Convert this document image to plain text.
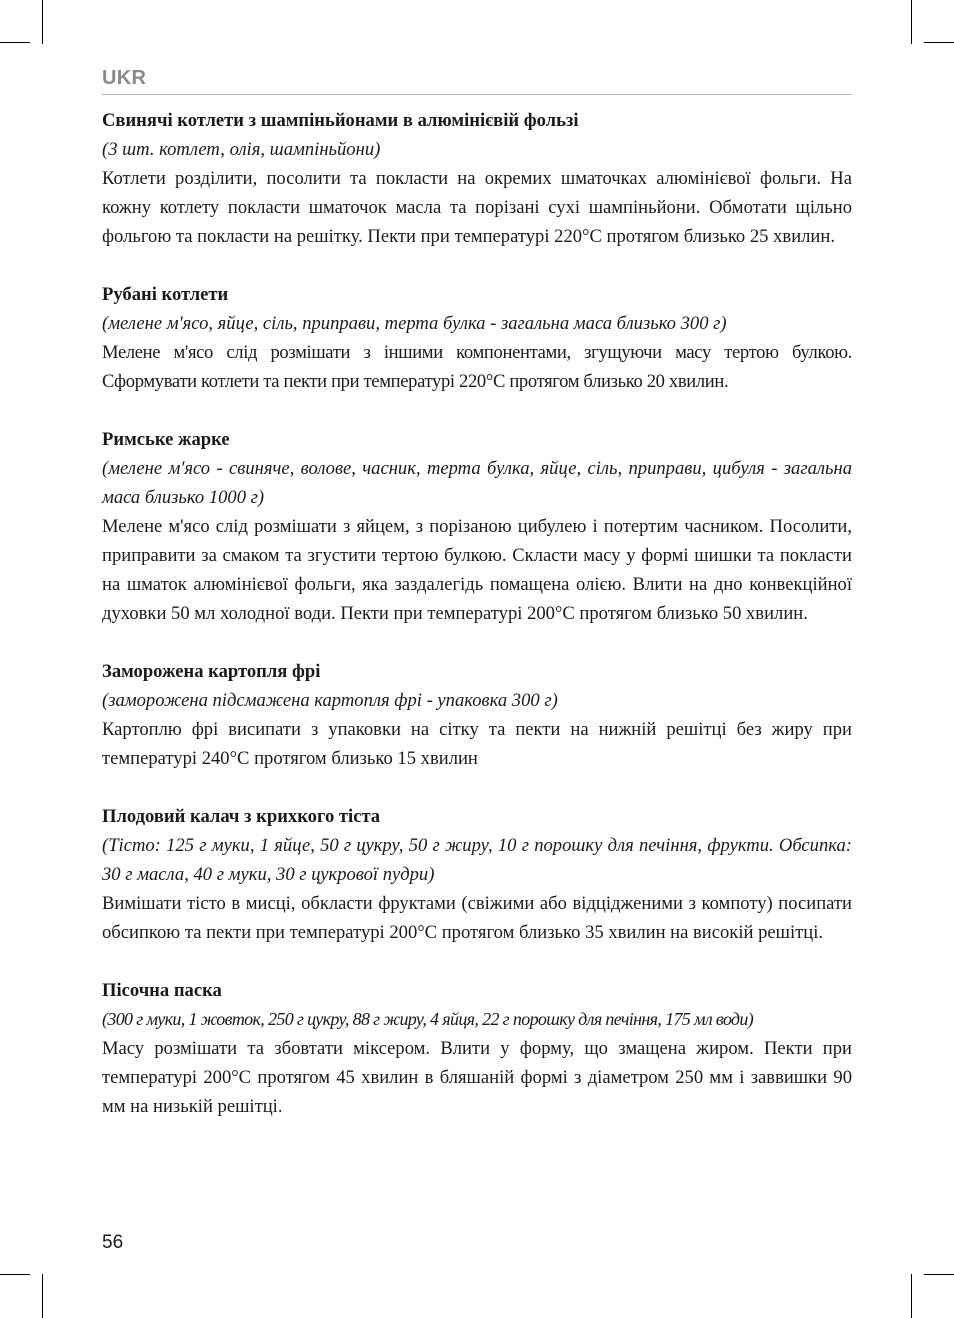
UKR
Свинячі котлети з шампіньйонами в алюмінієвій фользі
(3 шт. котлет, олія, шампіньйони)
Котлети розділити, посолити та покласти на окремих шматочках алюмінієвої фольги. На кожну котлету покласти шматочок масла та порізані сухі шампіньйони. Обмотати щільно фольгою та покласти на решітку. Пекти при температурі 220°C протягом близько 25 хвилин.
Рубані котлети
(мелене м'ясо, яйце, сіль, приправи, терта булка - загальна маса близько 300 г)
Мелене м'ясо слід розмішати з іншими компонентами, згущуючи масу тертою булкою. Сформувати котлети та пекти при температурі 220°C протягом близько 20 хвилин.
Римське жарке
(мелене м'ясо - свиняче, волове, часник, терта булка, яйце, сіль, приправи, цибуля - загальна маса близько 1000 г)
Мелене м'ясо слід розмішати з яйцем, з порізаною цибулею і потертим часником. Посолити, приправити за смаком та згустити тертою булкою. Скласти масу у формі шишки та покласти на шматок алюмінієвої фольги, яка заздалегідь помащена олією. Влити на дно конвекційної духовки 50 мл холодної води. Пекти при температурі 200°C протягом близько 50 хвилин.
Заморожена картопля фрі
(заморожена підсмажена картопля фрі - упаковка 300 г)
Картоплю фрі висипати з упаковки на сітку та пекти на нижній решітці без жиру при температурі 240°C протягом близько 15 хвилин
Плодовий калач з крихкого тіста
(Тісто: 125 г муки, 1 яйце, 50 г цукру, 50 г жиру, 10 г порошку для печіння, фрукти. Обсипка: 30 г масла, 40 г муки, 30 г цукрової пудри)
Вимішати тісто в мисці, обкласти фруктами (свіжими або відцідженими з компоту) посипати обсипкою та пекти при температурі 200°C протягом близько 35 хвилин на високій решітці.
Пісочна паска
(300 г муки, 1 жовток, 250 г цукру, 88 г жиру, 4 яйця, 22 г порошку для печіння, 175 мл води)
Масу розмішати та збовтати міксером. Влити у форму, що змащена жиром. Пекти при температурі 200°C протягом 45 хвилин в бляшаній формі з діаметром 250 мм і заввишки 90 мм на низькій решітці.
56
